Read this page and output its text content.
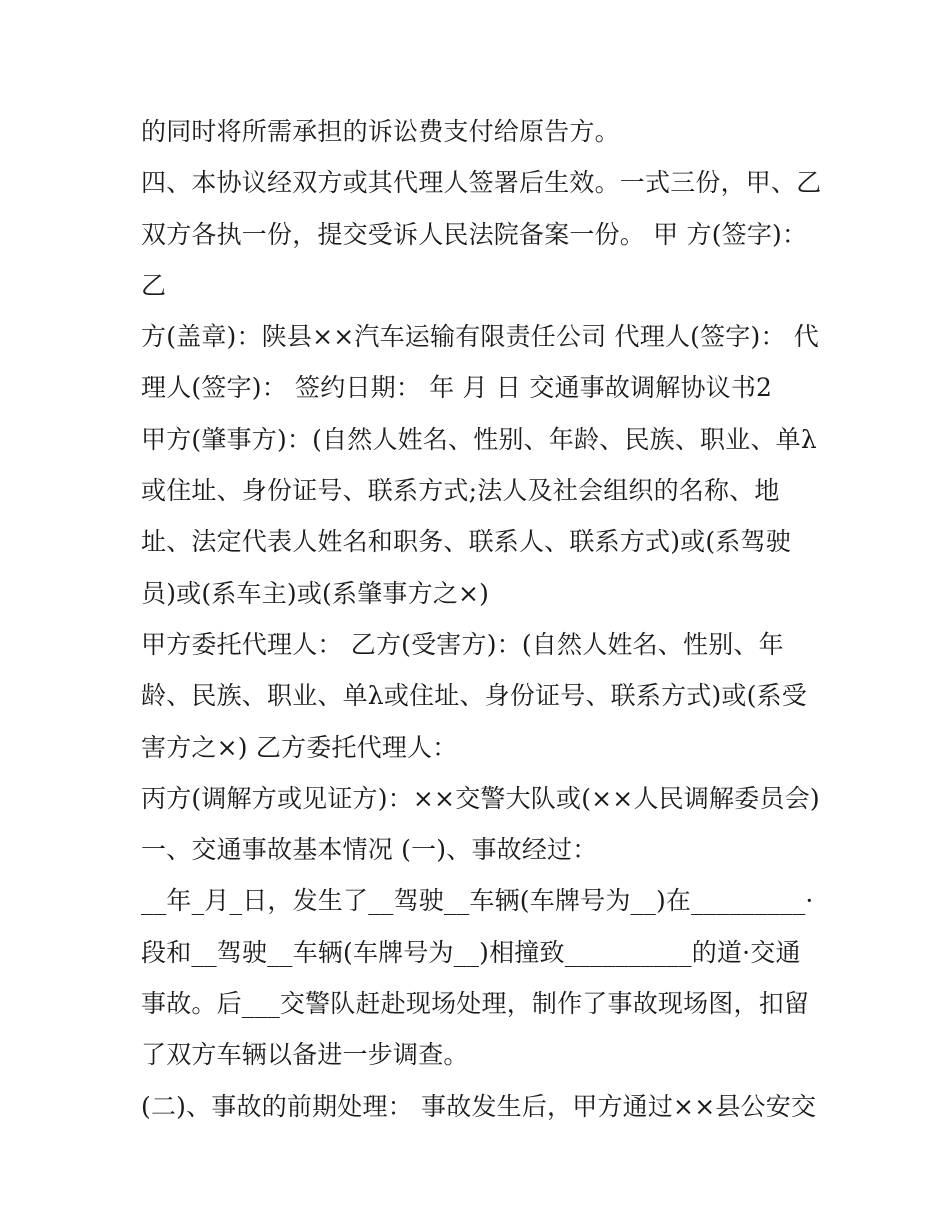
的同时将所需承担的诉讼费支付给原告方。
四、本协议经双方或其代理人签署后生效。一式三份，甲、乙
双方各执一份，提交受诉人民法院备案一份。 甲 方(签字)：
乙
方(盖章)：陕县××汽车运输有限责任公司 代理人(签字)： 代
理人(签字)： 签约日期： 年 月 日 交通事故调解协议书2
甲方(肇事方)：(自然人姓名、性别、年龄、民族、职业、单λ
或住址、身份证号、联系方式;法人及社会组织的名称、地
址、法定代表人姓名和职务、联系人、联系方式)或(系驾驶
员)或(系车主)或(系肇事方之×)
甲方委托代理人： 乙方(受害方)：(自然人姓名、性别、年
龄、民族、职业、单λ或住址、身份证号、联系方式)或(系受
害方之×) 乙方委托代理人：
丙方(调解方或见证方)：××交警大队或(××人民调解委员会)
一、交通事故基本情况 (一)、事故经过：
__年_月_日，发生了__驾驶__车辆(车牌号为__)在_________·
段和__驾驶__车辆(车牌号为__)相撞致__________的道·交通
事故。后___交警队赶赴现场处理，制作了事故现场图，扣留
了双方车辆以备进一步调查。
(二)、事故的前期处理： 事故发生后，甲方通过××县公安交
